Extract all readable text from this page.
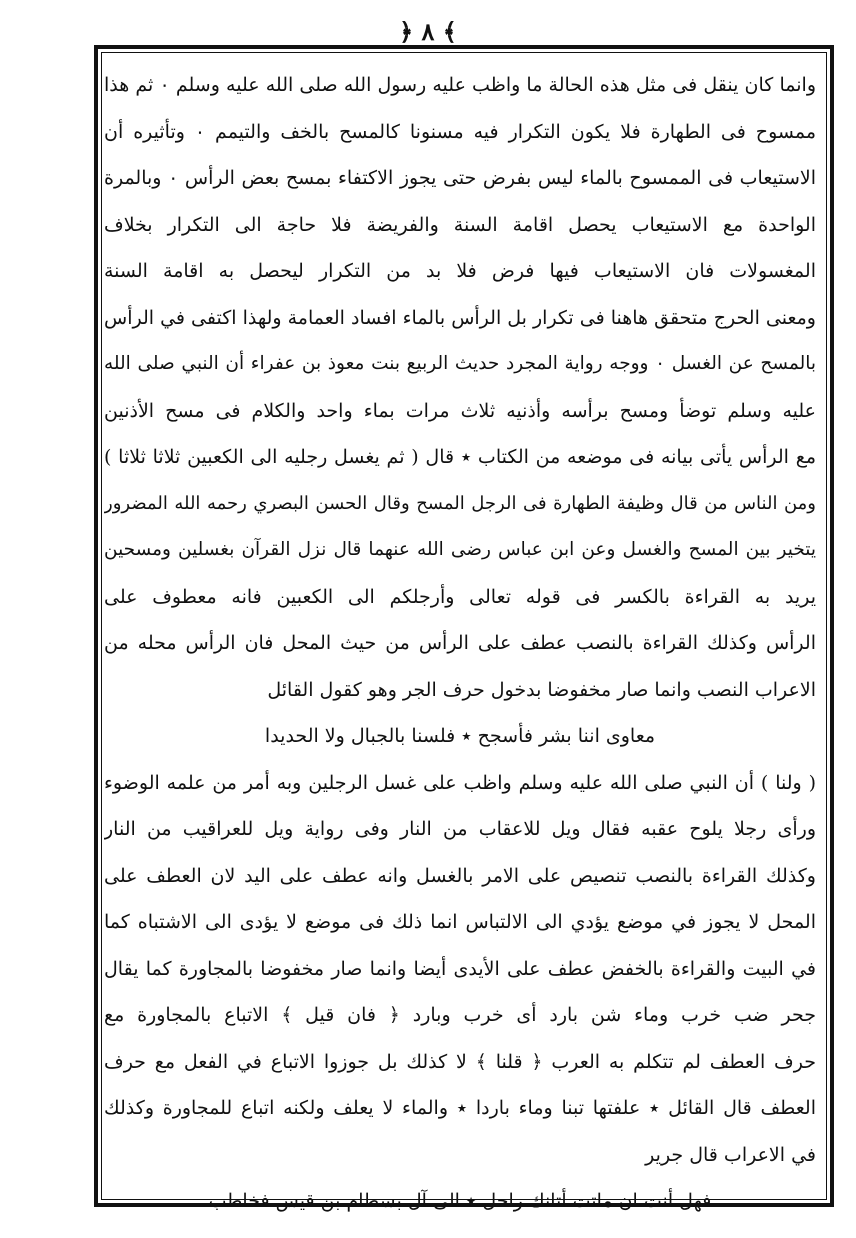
﴿ ٨ ﴾
وانما كان ينقل فى مثل هذه الحالة ما واظب عليه رسول الله صلى الله عليه وسلم ٠ ثم هذا
ممسوح فى الطهارة فلا يكون التكرار فيه مسنونا كالمسح بالخف والتيمم ٠ وتأثيره أن
الاستيعاب فى الممسوح بالماء ليس بفرض حتى يجوز الاكتفاء بمسح بعض الرأس ٠ وبالمرة
الواحدة مع الاستيعاب يحصل اقامة السنة والفريضة فلا حاجة الى التكرار بخلاف
المغسولات فان الاستيعاب فيها فرض فلا بد من التكرار ليحصل به اقامة السنة
ومعنى الحرج متحقق هاهنا فى تكرار بل الرأس بالماء افساد العمامة ولهذا اكتفى في الرأس
بالمسح عن الغسل ٠ ووجه رواية المجرد حديث الربيع بنت معوذ بن عفراء أن النبي صلى الله
عليه وسلم توضأ ومسح برأسه وأذنيه ثلاث مرات بماء واحد والكلام فى مسح الأذنين
مع الرأس يأتى بيانه فى موضعه من الكتاب ٭ قال ( ثم يغسل رجليه الى الكعبين ثلاثا ثلاثا )
ومن الناس من قال وظيفة الطهارة فى الرجل المسح وقال الحسن البصري رحمه الله المضرور
يتخير بين المسح والغسل وعن ابن عباس رضى الله عنهما قال نزل القرآن بغسلين ومسحين
يريد به القراءة بالكسر فى قوله تعالى وأرجلكم الى الكعبين فانه معطوف على
الرأس وكذلك القراءة بالنصب عطف على الرأس من حيث المحل فان الرأس محله من
الاعراب النصب وانما صار مخفوضا بدخول حرف الجر وهو كقول القائل
معاوى اننا بشر فأسجح ٭ فلسنا بالجبال ولا الحديدا
( ولنا ) أن النبي صلى الله عليه وسلم واظب على غسل الرجلين وبه أمر من علمه الوضوء
ورأى رجلا يلوح عقبه فقال ويل للاعقاب من النار وفى رواية ويل للعراقيب من النار
وكذلك القراءة بالنصب تنصيص على الامر بالغسل وانه عطف على اليد لان العطف على
المحل لا يجوز في موضع يؤدي الى الالتباس انما ذلك فى موضع لا يؤدى الى الاشتباه كما
في البيت والقراءة بالخفض عطف على الأيدى أيضا وانما صار مخفوضا بالمجاورة كما يقال
جحر ضب خرب وماء شن بارد أى خرب وبارد ﴿ فان قيل ﴾ الاتباع بالمجاورة مع
حرف العطف لم تتكلم به العرب ﴿ قلنا ﴾ لا كذلك بل جوزوا الاتباع في الفعل مع حرف
العطف قال القائل ٭ علفتها تبنا وماء باردا ٭ والماء لا يعلف ولكنه اتباع للمجاورة وكذلك
في الاعراب قال جرير
فهل أنت ان ماتت أتانك راحل ٭ الى آل بسطام بن قيس فخاطب
